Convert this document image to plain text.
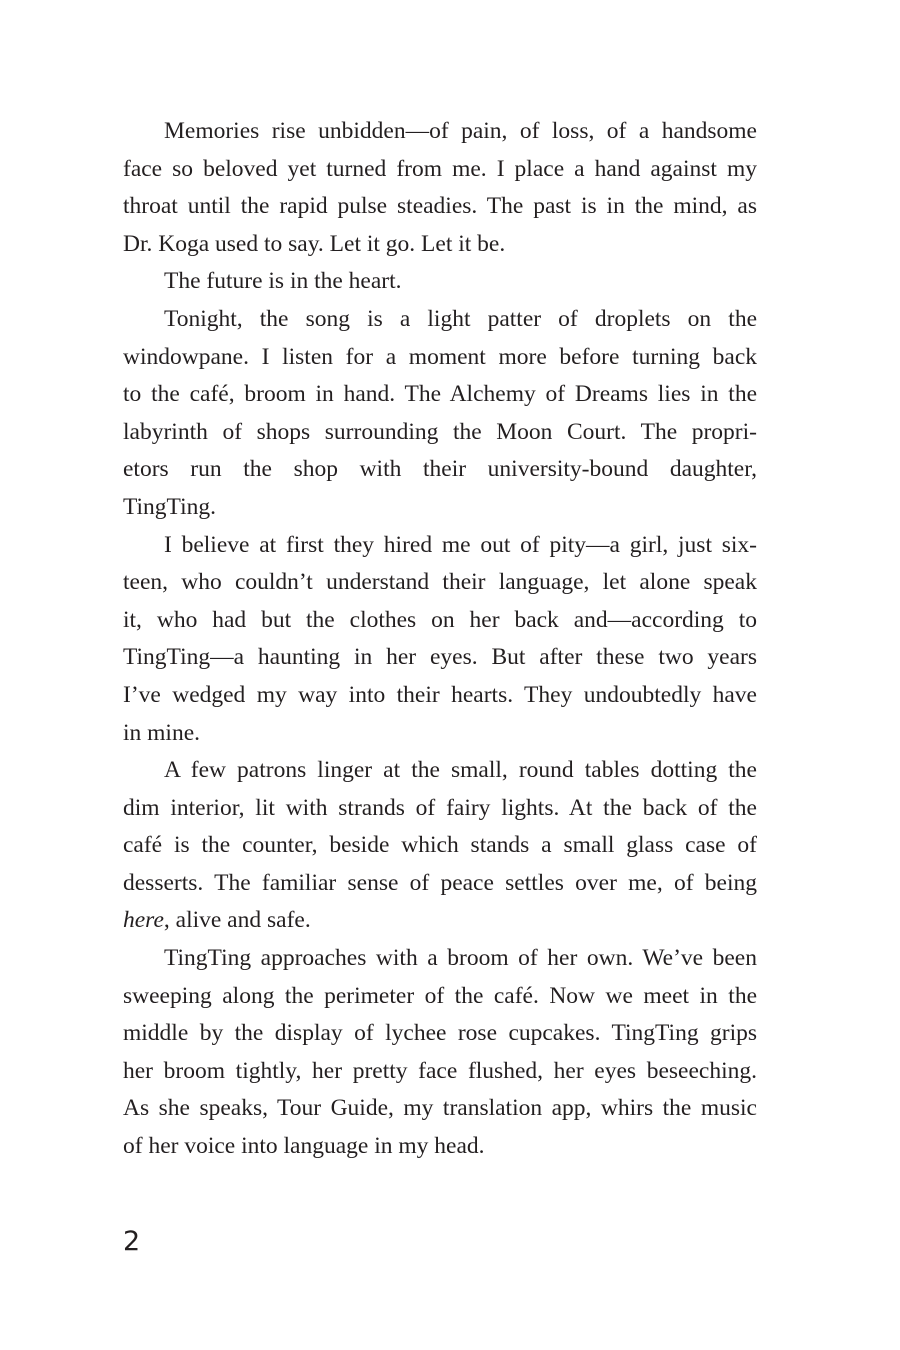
Memories rise unbidden—of pain, of loss, of a handsome
face so beloved yet turned from me. I place a hand against my
throat until the rapid pulse steadies. The past is in the mind, as
Dr. Koga used to say. Let it go. Let it be.

The future is in the heart.

Tonight, the song is a light patter of droplets on the
windowpane. I listen for a moment more before turning back
to the café, broom in hand. The Alchemy of Dreams lies in the
labyrinth of shops surrounding the Moon Court. The propri-
etors run the shop with their university-bound daughter,
TingTing.

I believe at first they hired me out of pity—a girl, just six-
teen, who couldn’t understand their language, let alone speak
it, who had but the clothes on her back and—according to
TingTing—a haunting in her eyes. But after these two years
I’ve wedged my way into their hearts. They undoubtedly have
in mine.

A few patrons linger at the small, round tables dotting the
dim interior, lit with strands of fairy lights. At the back of the
café is the counter, beside which stands a small glass case of
desserts. The familiar sense of peace settles over me, of being
here, alive and safe.

TingTing approaches with a broom of her own. We’ve been
sweeping along the perimeter of the café. Now we meet in the
middle by the display of lychee rose cupcakes. TingTing grips
her broom tightly, her pretty face flushed, her eyes beseeching.
As she speaks, Tour Guide, my translation app, whirs the music
of her voice into language in my head.

2
